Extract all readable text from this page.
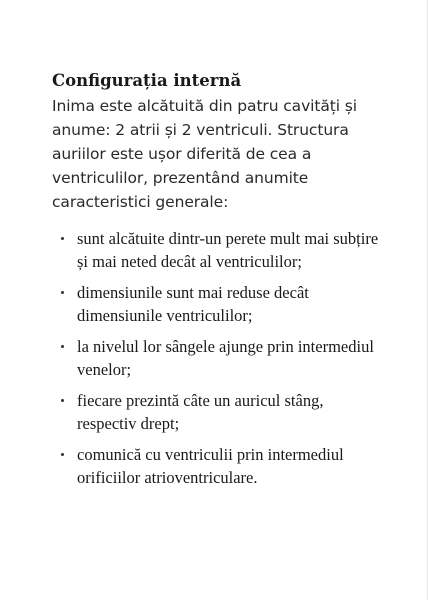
Configurația internă

Inima este alcătuită din patru cavități și anume: 2 atrii și 2 ventriculi. Structura auriilor este ușor diferită de cea a ventriculilor, prezentând anumite caracteristici generale:

sunt alcătuite dintr-un perete mult mai subțire și mai neted decât al ventriculilor;
dimensiunile sunt mai reduse decât dimensiunile ventriculilor;
la nivelul lor sângele ajunge prin intermediul venelor;
fiecare prezintă câte un auricul stâng, respectiv drept;
comunică cu ventriculii prin intermediul orificiilor atrioventriculare.
